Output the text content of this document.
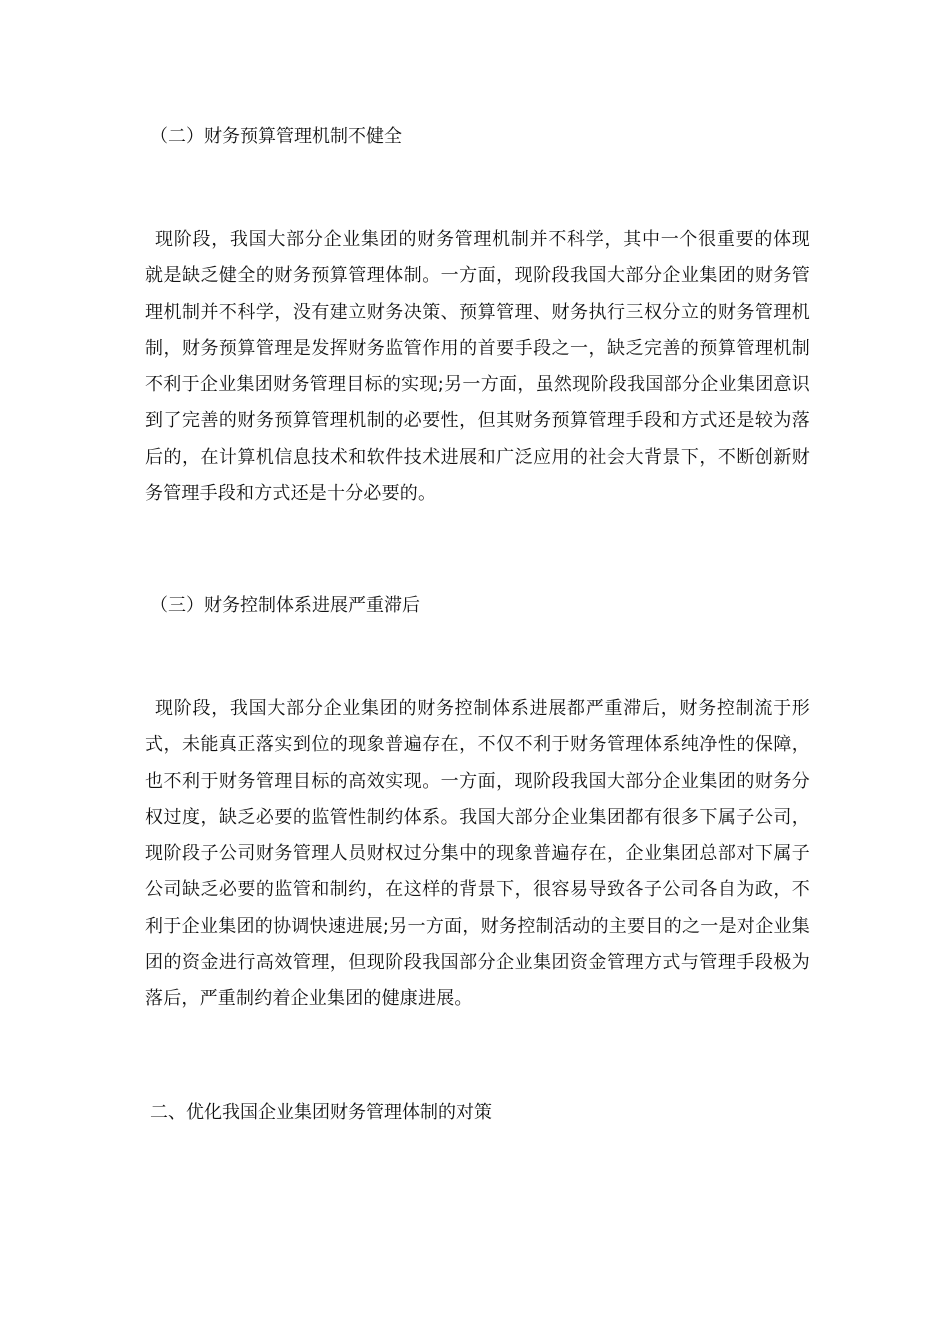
（二）财务预算管理机制不健全

现阶段，我国大部分企业集团的财务管理机制并不科学，其中一个很重要的体现就是缺乏健全的财务预算管理体制。一方面，现阶段我国大部分企业集团的财务管理机制并不科学，没有建立财务决策、预算管理、财务执行三权分立的财务管理机制，财务预算管理是发挥财务监管作用的首要手段之一，缺乏完善的预算管理机制不利于企业集团财务管理目标的实现;另一方面，虽然现阶段我国部分企业集团意识到了完善的财务预算管理机制的必要性，但其财务预算管理手段和方式还是较为落后的，在计算机信息技术和软件技术进展和广泛应用的社会大背景下，不断创新财务管理手段和方式还是十分必要的。

（三）财务控制体系进展严重滞后

现阶段，我国大部分企业集团的财务控制体系进展都严重滞后，财务控制流于形式，未能真正落实到位的现象普遍存在，不仅不利于财务管理体系纯净性的保障，也不利于财务管理目标的高效实现。一方面，现阶段我国大部分企业集团的财务分权过度，缺乏必要的监管性制约体系。我国大部分企业集团都有很多下属子公司，现阶段子公司财务管理人员财权过分集中的现象普遍存在，企业集团总部对下属子公司缺乏必要的监管和制约，在这样的背景下，很容易导致各子公司各自为政，不利于企业集团的协调快速进展;另一方面，财务控制活动的主要目的之一是对企业集团的资金进行高效管理，但现阶段我国部分企业集团资金管理方式与管理手段极为落后，严重制约着企业集团的健康进展。

二、优化我国企业集团财务管理体制的对策
